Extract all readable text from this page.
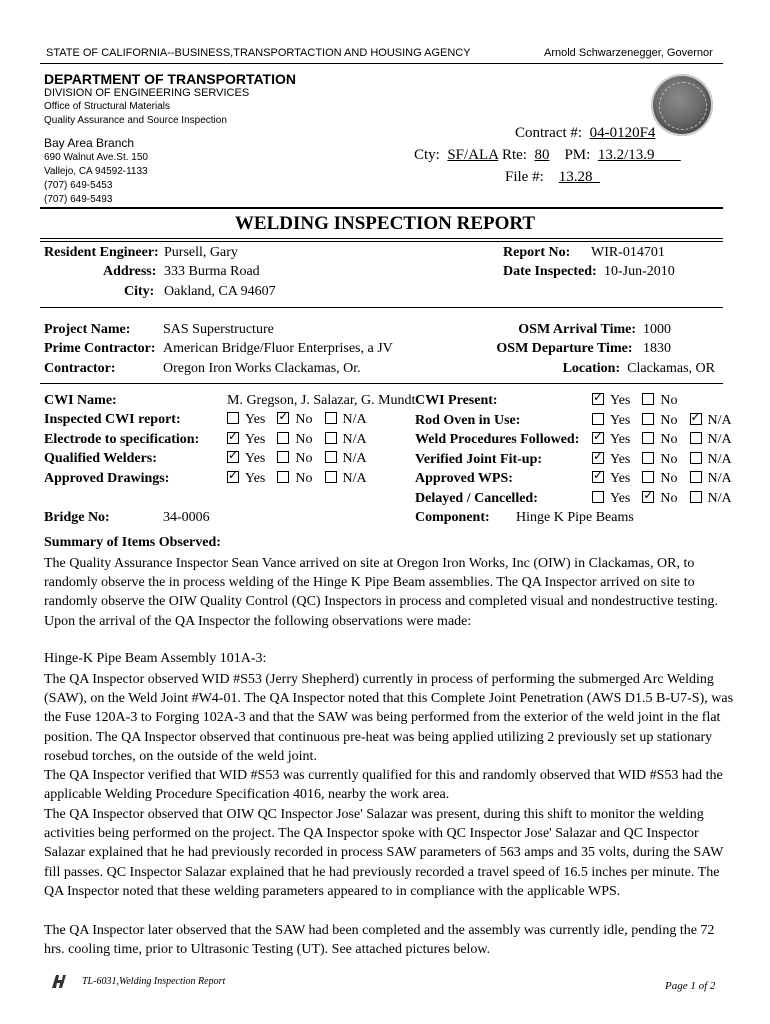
STATE OF CALIFORNIA--BUSINESS,TRANSPORTACTION AND HOUSING AGENCY	Arnold Schwarzenegger, Governor
DEPARTMENT OF TRANSPORTATION
DIVISION OF ENGINEERING SERVICES
Office of Structural Materials
Quality Assurance and Source Inspection
Bay Area Branch
690 Walnut Ave.St. 150
Vallejo, CA 94592-1133
(707) 649-5453
(707) 649-5493
Contract #: 04-0120F4
Cty: SF/ALA Rte: 80 PM: 13.2/13.9
File #: 13.28
WELDING INSPECTION REPORT
Resident Engineer: Pursell, Gary
Address: 333 Burma Road
City: Oakland, CA 94607
Report No: WIR-014701
Date Inspected: 10-Jun-2010
Project Name: SAS Superstructure
Prime Contractor: American Bridge/Fluor Enterprises, a JV
Contractor:	Oregon Iron Works Clackamas, Or.
OSM Arrival Time: 1000
OSM Departure Time: 1830
Location: Clackamas, OR
CWI Name:	M. Gregson, J. Salazar, G. Mundt
Inspected CWI report:	Yes ✓ No N/A
Electrode to specification: ✓	Yes No N/A
Qualified Welders: ✓	Yes No N/A
Approved Drawings: ✓	Yes No N/A
CWI Present: ✓	Yes No
Rod Oven in Use:	Yes No ✓ N/A
Weld Procedures Followed: ✓	Yes No N/A
Verified Joint Fit-up: ✓	Yes No N/A
Approved WPS: ✓	Yes No N/A
Delayed / Cancelled:	Yes ✓ No N/A
Bridge No:	34-0006	Component: Hinge K Pipe Beams
Summary of Items Observed:

The Quality Assurance Inspector Sean Vance arrived on site at Oregon Iron Works, Inc (OIW) in Clackamas, OR, to randomly observe the in process welding of the Hinge K Pipe Beam assemblies. The QA Inspector arrived on site to randomly observe the OIW Quality Control (QC) Inspectors in process and completed visual and nondestructive testing. Upon the arrival of the QA Inspector the following observations were made:

Hinge-K Pipe Beam Assembly 101A-3:

The QA Inspector observed WID #S53 (Jerry Shepherd) currently in process of performing the submerged Arc Welding (SAW), on the Weld Joint #W4-01. The QA Inspector noted that this Complete Joint Penetration (AWS D1.5 B-U7-S), was the Fuse 120A-3 to Forging 102A-3 and that the SAW was being performed from the exterior of the weld joint in the flat position. The QA Inspector observed that continuous pre-heat was being applied utilizing 2 previously set up stationary rosebud torches, on the outside of the weld joint.

The QA Inspector verified that WID #S53 was currently qualified for this and randomly observed that WID #S53 had the applicable Welding Procedure Specification 4016, nearby the work area.

The QA Inspector observed that OIW QC Inspector Jose' Salazar was present, during this shift to monitor the welding activities being performed on the project. The QA Inspector spoke with QC Inspector Jose' Salazar and QC Inspector Salazar explained that he had previously recorded in process SAW parameters of 563 amps and 35 volts, during the SAW fill passes. QC Inspector Salazar explained that he had previously recorded a travel speed of 16.5 inches per minute. The QA Inspector noted that these welding parameters appeared to in compliance with the applicable WPS.

The QA Inspector later observed that the SAW had been completed and the assembly was currently idle, pending the 72 hrs. cooling time, prior to Ultrasonic Testing (UT). See attached pictures below.

TL-6031,Welding Inspection Report	Page 1 of 2
